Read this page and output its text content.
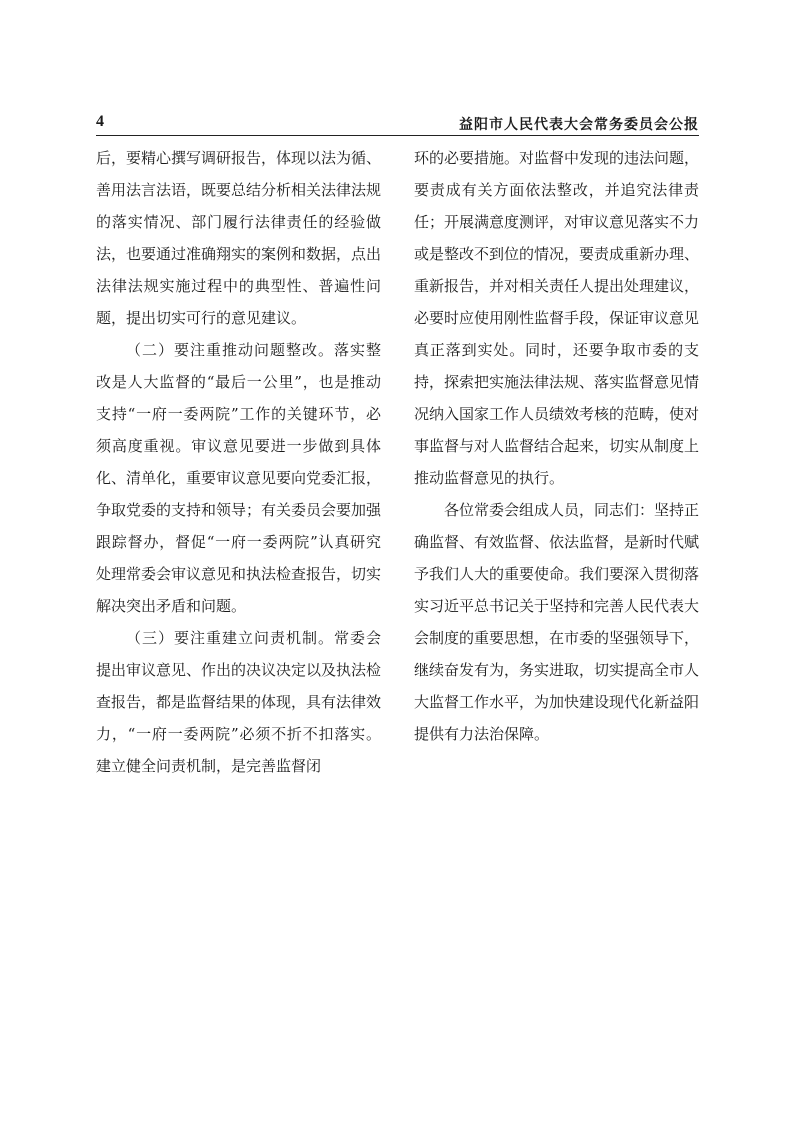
4	益阳市人民代表大会常务委员会公报

后，要精心撰写调研报告，体现以法为循、善用法言法语，既要总结分析相关法律法规的落实情况、部门履行法律责任的经验做法，也要通过准确翔实的案例和数据，点出法律法规实施过程中的典型性、普遍性问题，提出切实可行的意见建议。

（二）要注重推动问题整改。落实整改是人大监督的“最后一公里”，也是推动支持“一府一委两院”工作的关键环节，必须高度重视。审议意见要进一步做到具体化、清单化，重要审议意见要向党委汇报，争取党委的支持和领导；有关委员会要加强跟踪督办，督促“一府一委两院”认真研究处理常委会审议意见和执法检查报告，切实解决突出矛盾和问题。

（三）要注重建立问责机制。常委会提出审议意见、作出的决议决定以及执法检查报告，都是监督结果的体现，具有法律效力，“一府一委两院”必须不折不扣落实。建立健全问责机制，是完善监督闭

环的必要措施。对监督中发现的违法问题，要责成有关方面依法整改，并追究法律责任；开展满意度测评，对审议意见落实不力或是整改不到位的情况，要责成重新办理、重新报告，并对相关责任人提出处理建议，必要时应使用刚性监督手段，保证审议意见真正落到实处。同时，还要争取市委的支持，探索把实施法律法规、落实监督意见情况纳入国家工作人员绩效考核的范畴，使对事监督与对人监督结合起来，切实从制度上推动监督意见的执行。

各位常委会组成人员，同志们：坚持正确监督、有效监督、依法监督，是新时代赋予我们人大的重要使命。我们要深入贯彻落实习近平总书记关于坚持和完善人民代表大会制度的重要思想，在市委的坚强领导下，继续奋发有为，务实进取，切实提高全市人大监督工作水平，为加快建设现代化新益阳提供有力法治保障。
